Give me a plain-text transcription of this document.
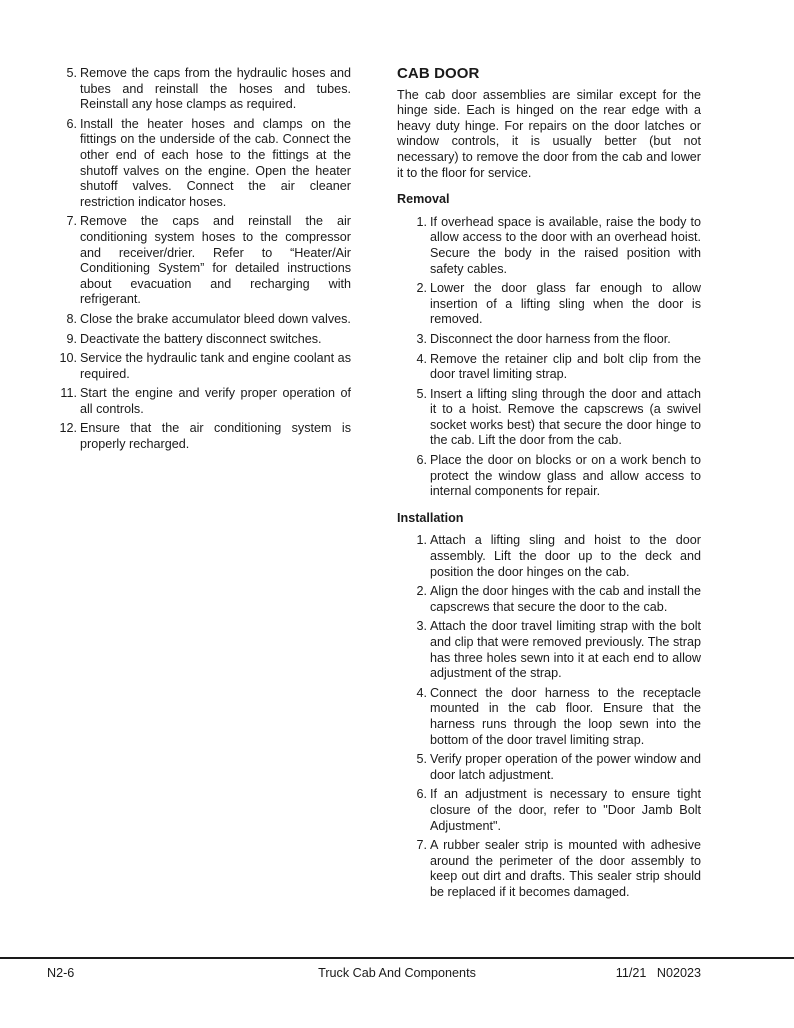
5. Remove the caps from the hydraulic hoses and tubes and reinstall the hoses and tubes. Reinstall any hose clamps as required.
6. Install the heater hoses and clamps on the fittings on the underside of the cab. Connect the other end of each hose to the fittings at the shutoff valves on the engine. Open the heater shutoff valves. Connect the air cleaner restriction indicator hoses.
7. Remove the caps and reinstall the air conditioning system hoses to the compressor and receiver/drier. Refer to “Heater/Air Conditioning System” for detailed instructions about evacuation and recharging with refrigerant.
8. Close the brake accumulator bleed down valves.
9. Deactivate the battery disconnect switches.
10. Service the hydraulic tank and engine coolant as required.
11. Start the engine and verify proper operation of all controls.
12. Ensure that the air conditioning system is properly recharged.
CAB DOOR

The cab door assemblies are similar except for the hinge side. Each is hinged on the rear edge with a heavy duty hinge. For repairs on the door latches or window controls, it is usually better (but not necessary) to remove the door from the cab and lower it to the floor for service.

Removal
1. If overhead space is available, raise the body to allow access to the door with an overhead hoist. Secure the body in the raised position with safety cables.
2. Lower the door glass far enough to allow insertion of a lifting sling when the door is removed.
3. Disconnect the door harness from the floor.
4. Remove the retainer clip and bolt clip from the door travel limiting strap.
5. Insert a lifting sling through the door and attach it to a hoist. Remove the capscrews (a swivel socket works best) that secure the door hinge to the cab. Lift the door from the cab.
6. Place the door on blocks or on a work bench to protect the window glass and allow access to internal components for repair.
Installation
1. Attach a lifting sling and hoist to the door assembly. Lift the door up to the deck and position the door hinges on the cab.
2. Align the door hinges with the cab and install the capscrews that secure the door to the cab.
3. Attach the door travel limiting strap with the bolt and clip that were removed previously. The strap has three holes sewn into it at each end to allow adjustment of the strap.
4. Connect the door harness to the receptacle mounted in the cab floor. Ensure that the harness runs through the loop sewn into the bottom of the door travel limiting strap.
5. Verify proper operation of the power window and door latch adjustment.
6. If an adjustment is necessary to ensure tight closure of the door, refer to "Door Jamb Bolt Adjustment".
7. A rubber sealer strip is mounted with adhesive around the perimeter of the door assembly to keep out dirt and drafts. This sealer strip should be replaced if it becomes damaged.
N2-6	Truck Cab And Components	11/21 N02023
